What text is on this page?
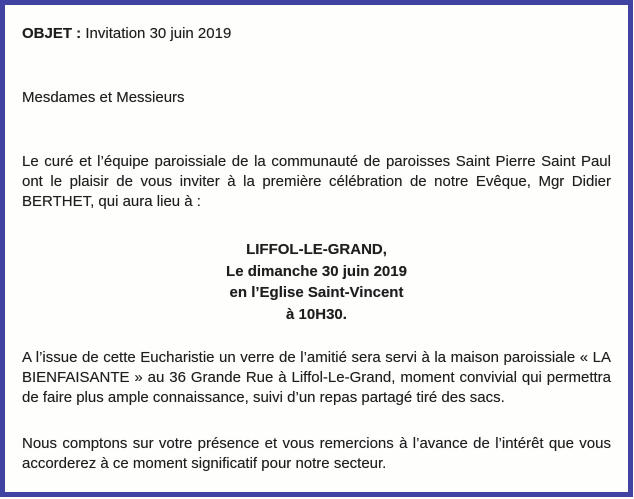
OBJET : Invitation 30 juin 2019

Mesdames et Messieurs

Le curé et l’équipe paroissiale de la communauté de paroisses Saint Pierre Saint Paul ont le plaisir de vous inviter à la première célébration de notre Evêque, Mgr Didier BERTHET, qui aura lieu à :

LIFFOL-LE-GRAND,

Le dimanche 30 juin 2019

en l’Eglise Saint-Vincent

à 10H30.

A l’issue de cette Eucharistie un verre de l’amitié sera servi à la maison paroissiale « LA BIENFAISANTE » au 36 Grande Rue à Liffol-Le-Grand, moment convivial qui permettra de faire plus ample connaissance, suivi d’un repas partagé tiré des sacs.

Nous comptons sur votre présence et vous remercions à l’avance de l’intérêt que vous accorderez à ce moment significatif pour notre secteur.
